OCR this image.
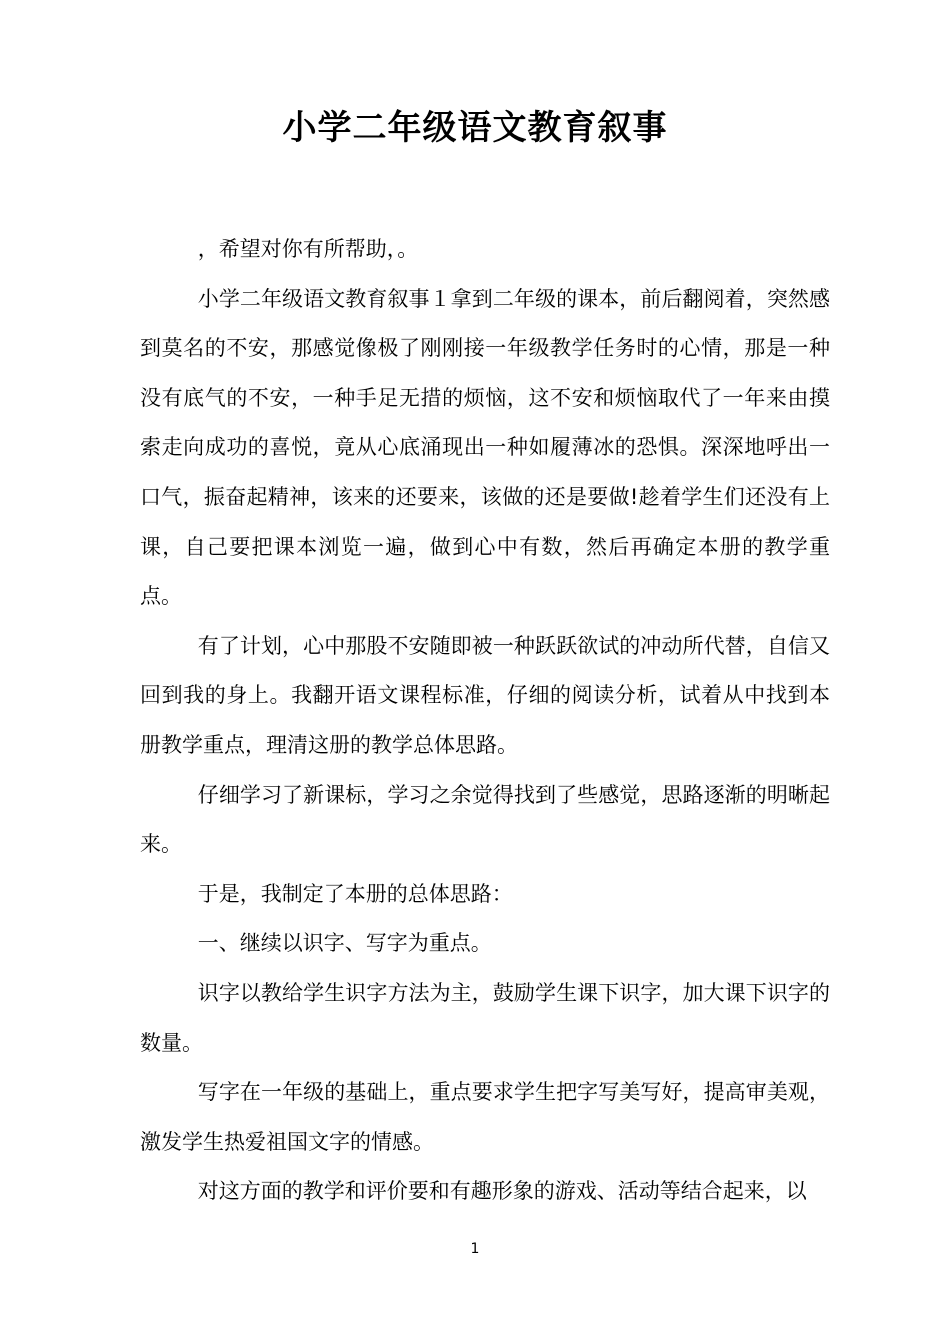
小学二年级语文教育叙事

，希望对你有所帮助，。

小学二年级语文教育叙事１拿到二年级的课本，前后翻阅着，突然感到莫名的不安，那感觉像极了刚刚接一年级教学任务时的心情，那是一种没有底气的不安，一种手足无措的烦恼，这不安和烦恼取代了一年来由摸索走向成功的喜悦，竟从心底涌现出一种如履薄冰的恐惧。深深地呼出一口气，振奋起精神，该来的还要来，该做的还是要做!趁着学生们还没有上课，自己要把课本浏览一遍，做到心中有数，然后再确定本册的教学重点。

有了计划，心中那股不安随即被一种跃跃欲试的冲动所代替，自信又回到我的身上。我翻开语文课程标准，仔细的阅读分析，试着从中找到本册教学重点，理清这册的教学总体思路。

仔细学习了新课标，学习之余觉得找到了些感觉，思路逐渐的明晰起来。

于是，我制定了本册的总体思路：

一、继续以识字、写字为重点。

识字以教给学生识字方法为主，鼓励学生课下识字，加大课下识字的数量。

写字在一年级的基础上，重点要求学生把字写美写好，提高审美观，激发学生热爱祖国文字的情感。

对这方面的教学和评价要和有趣形象的游戏、活动等结合起来，以

1
